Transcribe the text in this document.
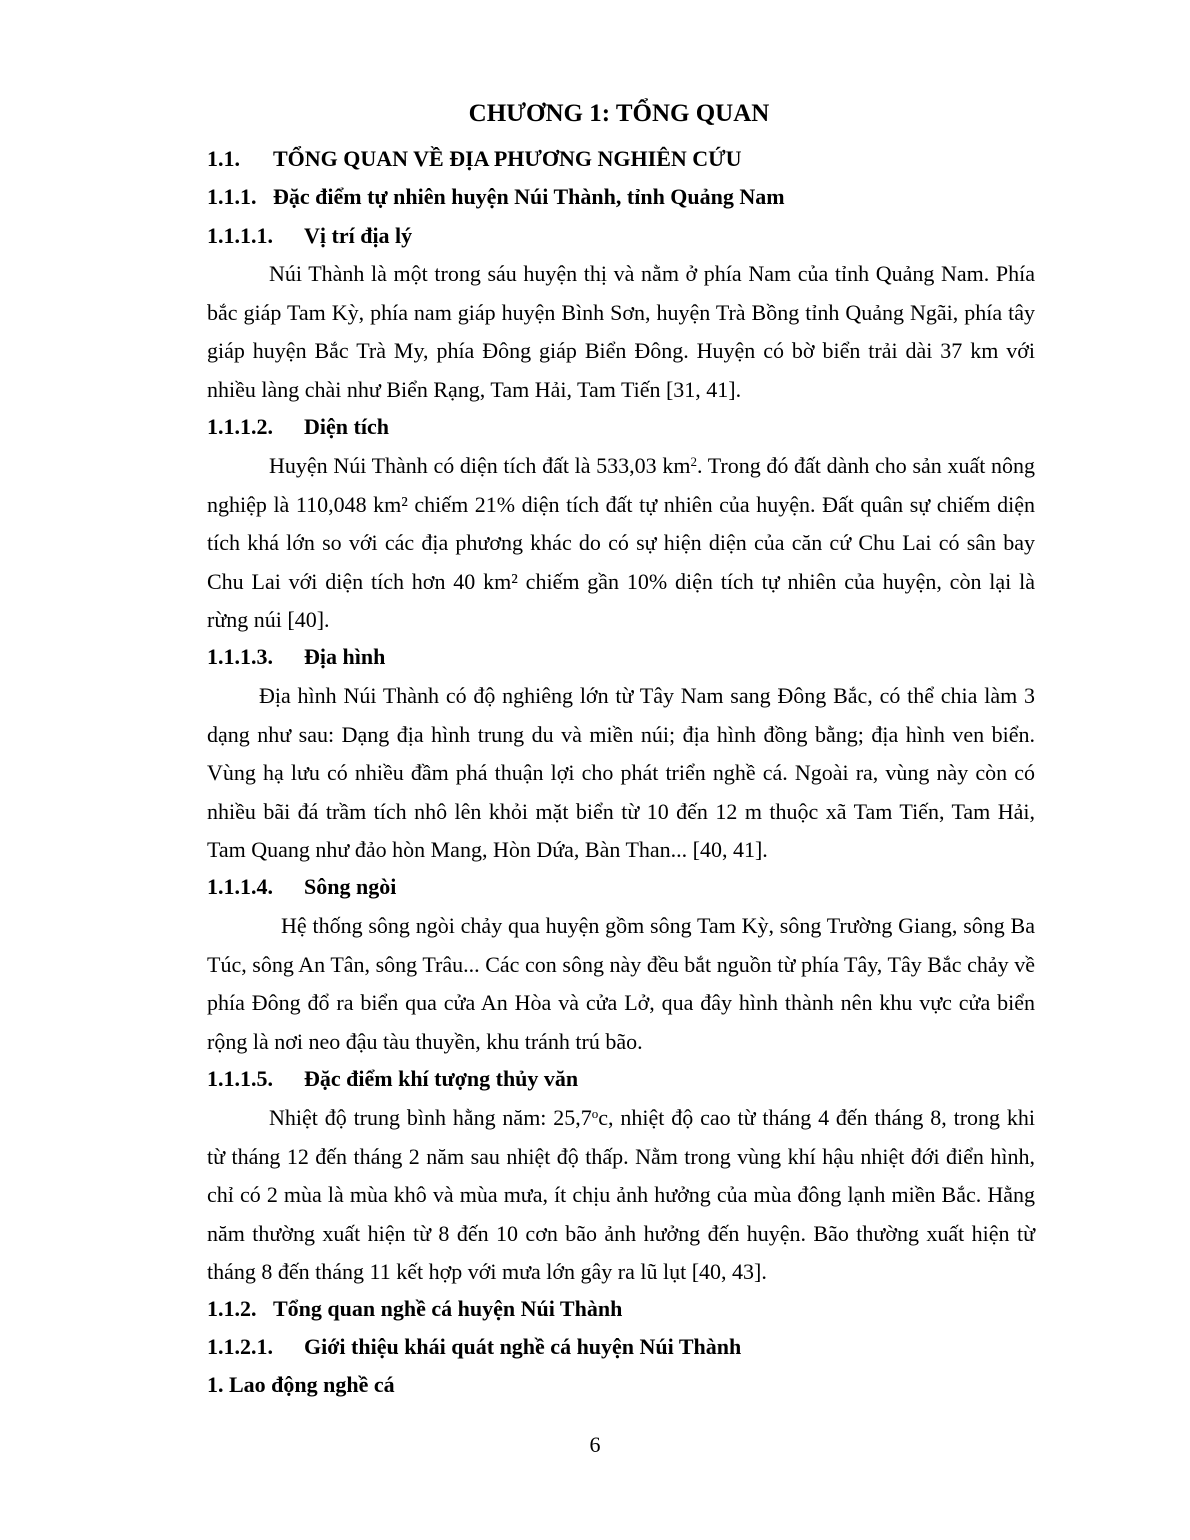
CHƯƠNG 1: TỔNG QUAN
1.1. TỔNG QUAN VỀ ĐỊA PHƯƠNG NGHIÊN CỨU
1.1.1. Đặc điểm tự nhiên huyện Núi Thành, tỉnh Quảng Nam
1.1.1.1. Vị trí địa lý

Núi Thành là một trong sáu huyện thị và nằm ở phía Nam của tỉnh Quảng Nam. Phía bắc giáp Tam Kỳ, phía nam giáp huyện Bình Sơn, huyện Trà Bồng tỉnh Quảng Ngãi, phía tây giáp huyện Bắc Trà My, phía Đông giáp Biển Đông. Huyện có bờ biển trải dài 37 km với nhiều làng chài như Biển Rạng, Tam Hải, Tam Tiến [31, 41].

1.1.1.2. Diện tích

Huyện Núi Thành có diện tích đất là 533,03 $km^2$. Trong đó đất dành cho sản xuất nông nghiệp là 110,048 km² chiếm 21% diện tích đất tự nhiên của huyện. Đất quân sự chiếm diện tích khá lớn so với các địa phương khác do có sự hiện diện của căn cứ Chu Lai có sân bay Chu Lai với diện tích hơn 40 km² chiếm gần 10% diện tích tự nhiên của huyện, còn lại là rừng núi [40].

1.1.1.3. Địa hình

Địa hình Núi Thành có độ nghiêng lớn từ Tây Nam sang Đông Bắc, có thể chia làm 3 dạng như sau: Dạng địa hình trung du và miền núi; địa hình đồng bằng; địa hình ven biển. Vùng hạ lưu có nhiều đầm phá thuận lợi cho phát triển nghề cá. Ngoài ra, vùng này còn có nhiều bãi đá trầm tích nhô lên khỏi mặt biển từ 10 đến 12 m thuộc xã Tam Tiến, Tam Hải, Tam Quang như đảo hòn Mang, Hòn Dứa, Bàn Than... [40, 41].

1.1.1.4. Sông ngòi

Hệ thống sông ngòi chảy qua huyện gồm sông Tam Kỳ, sông Trường Giang, sông Ba Túc, sông An Tân, sông Trâu... Các con sông này đều bắt nguồn từ phía Tây, Tây Bắc chảy về phía Đông đổ ra biển qua cửa An Hòa và cửa Lở, qua đây hình thành nên khu vực cửa biển rộng là nơi neo đậu tàu thuyền, khu tránh trú bão.

1.1.1.5. Đặc điểm khí tượng thủy văn

Nhiệt độ trung bình hằng năm: 25,7$^o$c, nhiệt độ cao từ tháng 4 đến tháng 8, trong khi từ tháng 12 đến tháng 2 năm sau nhiệt độ thấp. Nằm trong vùng khí hậu nhiệt đới điển hình, chỉ có 2 mùa là mùa khô và mùa mưa, ít chịu ảnh hưởng của mùa đông lạnh miền Bắc. Hằng năm thường xuất hiện từ 8 đến 10 cơn bão ảnh hưởng đến huyện. Bão thường xuất hiện từ tháng 8 đến tháng 11 kết hợp với mưa lớn gây ra lũ lụt [40, 43].

1.1.2. Tổng quan nghề cá huyện Núi Thành
1.1.2.1. Giới thiệu khái quát nghề cá huyện Núi Thành
1. Lao động nghề cá
6
